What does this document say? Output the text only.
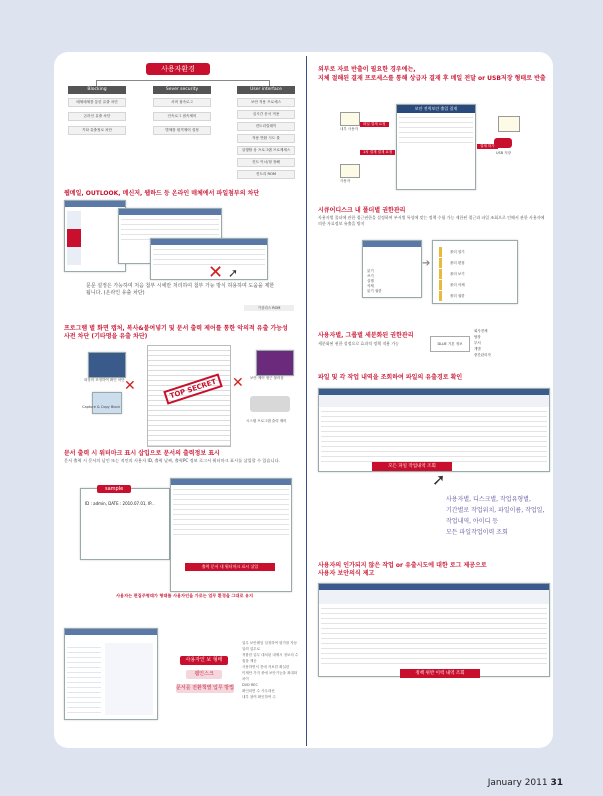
사용자환경
Blocking	Sever security	User interface
메체메체를 통한 유출 차단
온라인 유출 차단
기타 유출정로 차단
서버 접속로그
인속로그 접속제어
별체를 원격제어 설정
보안 적용 프로세스
실시간 문서 적용
컨트리킬레이
적용 반환 시도 룰
실행할 상 프로그램 프로제세스
컨트 이너/형 장해
컨트리 ROM
웹메일, OUTLOOK, 메신저, 웹하드 등 온라인 매체에서 파일첨부의 차단
✕ ➚
문문 설정은 가능하며 처음 첨부 시에만 처리하여 첨부 가능 방식 허용하며 도움을 제한됩니다. (온라인 유출 차단)
기상리스 ROM
프로그램 별 화면 캡처, 복사&붙여넣기 및 문서 출력 제어를 통한 악의적 유출 가능성 사전 차단 (기타명을 유출 차단)
화상의 조정하여 확인 차단
Capture & Copy Block
TOP SECRET
✕	✕ 보안 제어 접근 불러움
시스템 프로그램 출력 제어
문서 출력 시 워터마크 표시 삽입으로 문서의 출력정보 표시
문서 출력 시 문서의 날인 또는 적인의 사용자 ID, 출력 날짜, 출력PC 정보 로그서 워터마크 표시를 삽입할 수 있습니다.
sample
ID : admin, DATE : 2010.07.01, IP...
출력 문서 내 워터마크 표시 삽입
사용자는 편집주형태가 형태를 사용자인을 가로는 업무 환경을 그대로 유지
사용자인 보 형태
웹인스크
문서를 전환책별 업무 방법
업무 보안레임 설정하여 뭔가를 자동입력 업무로
적합한 업무 대처된 내제시 정보의 수집을 제공
사용하면서 전에 자보한 확실한
이제안 가지 중에 보안기능을 최대화 차이
DVD REC
확인되면 수 사무대선
내부 참여 확인하여 수
외부로 자료 반출이 필요한 경우에는,
지체 절해된 결재 프로세스를 통해 상급자 결재 후 메일 전달 or USB저장 형태로 반출
보안 전력보안 출입 결재
내부 사용자
파일 결재 요청
1차 결재 결재 요청
결재 허가
USB 저장
사용자
시큐어디스크 내 폴더별 권한관리
사용자별 폴더에 관한 접근권한을 설정하여 부서별 특성에 맞는 정책 수립 가능 제한된 접근과 파일 조회으로 인해서 관한 사용자에 의한 자료정보 유출을 방지
읽기
쓰기
실행
삭제
읽기 권한
➔
폴더 열기
폴더 편집
폴더 보기
폴더 삭제
폴더 권한
사용자별, 그룹별 세분화된 권한관리
세분화된 권한 설정으로 효과적 정책 적용 가능	DLUE 기본 정보
회사전체
팀장
부서
개별
중간관리자
파일 및 각 작업 내역을 조회하여 파일의 유출경로 확인
모든 파일 작업내역 조회
➚
사용자별, 디스크별, 작업유형별,
기간별로 작업위치, 파일이름, 작업일,
작업내역, 아이디 등
모든 파일작업이력 조회
사용자의 인가되지 않은 작업 or 유출시도에 대한 로그 제공으로
사용자 보안의식 제고
정책 위반 이력 내역 조회
January 2011 31
